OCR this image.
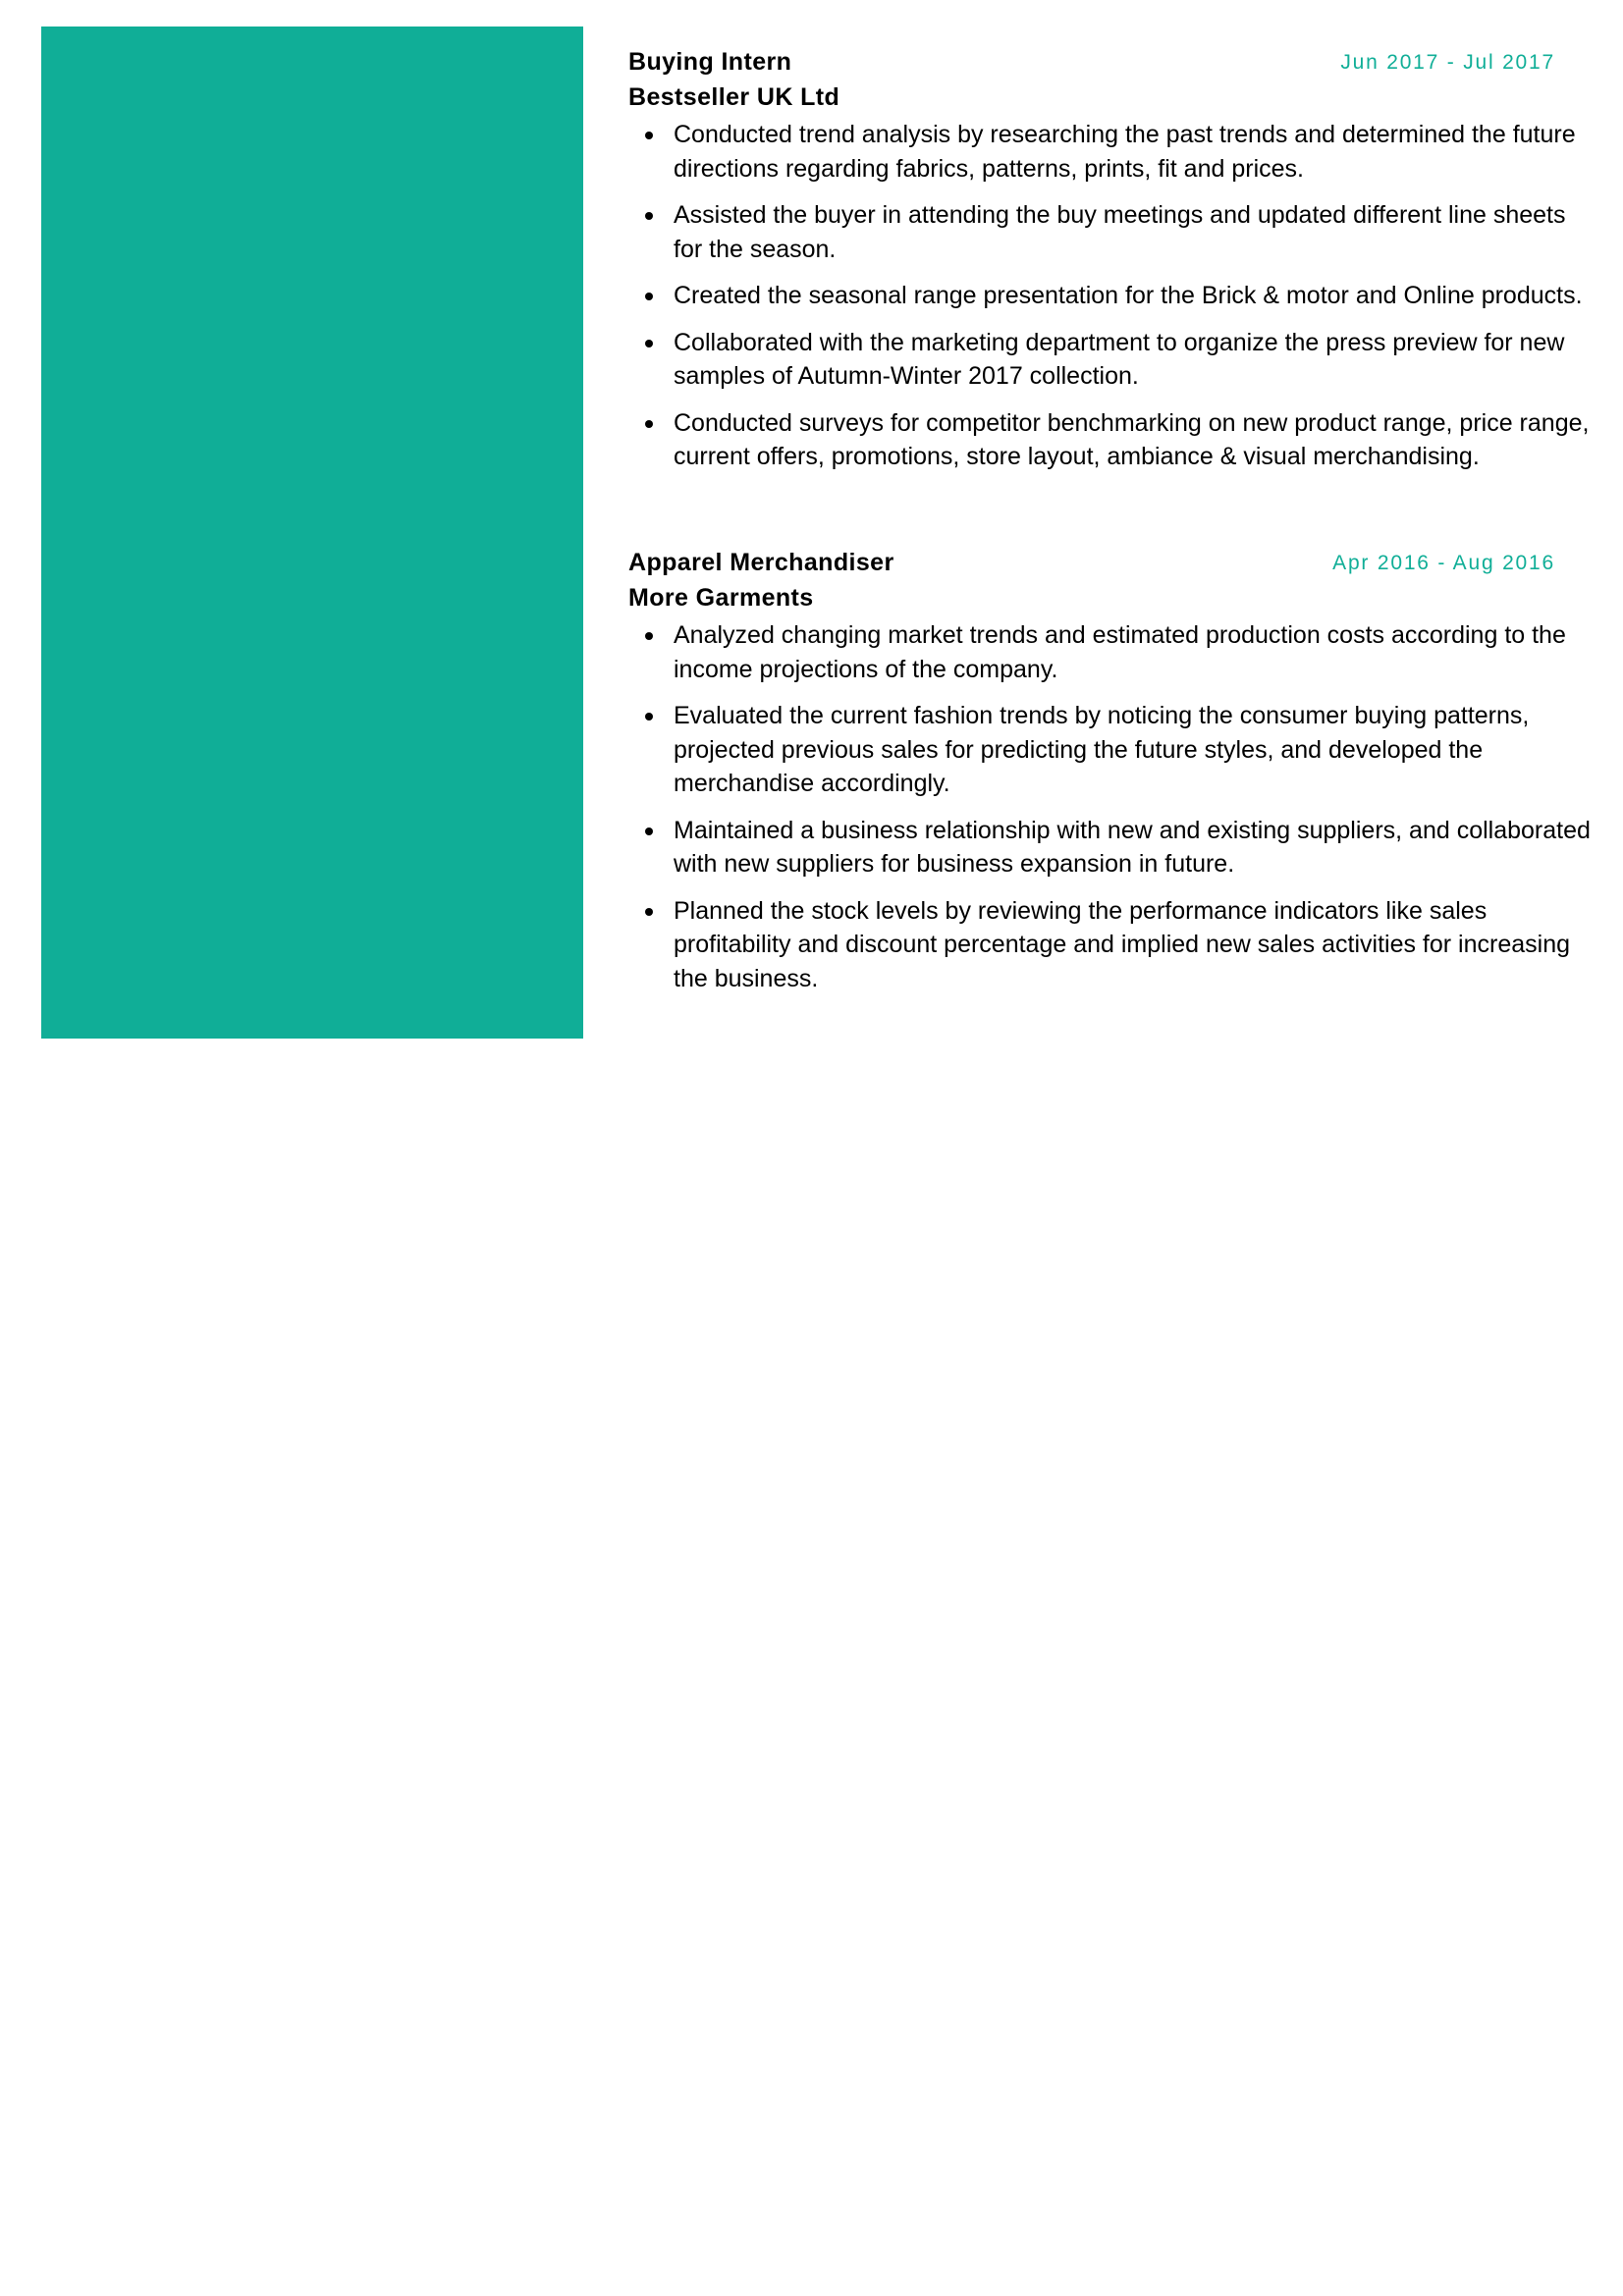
Buying Intern	Jun 2017 - Jul 2017
Bestseller UK Ltd
Conducted trend analysis by researching the past trends and determined the future directions regarding fabrics, patterns, prints, fit and prices.
Assisted the buyer in attending the buy meetings and updated different line sheets for the season.
Created the seasonal range presentation for the Brick & motor and Online products.
Collaborated with the marketing department to organize the press preview for new samples of Autumn-Winter 2017 collection.
Conducted surveys for competitor benchmarking on new product range, price range, current offers, promotions, store layout, ambiance & visual merchandising.
Apparel Merchandiser	Apr 2016 - Aug 2016
More Garments
Analyzed changing market trends and estimated production costs according to the income projections of the company.
Evaluated the current fashion trends by noticing the consumer buying patterns, projected previous sales for predicting the future styles, and developed the merchandise accordingly.
Maintained a business relationship with new and existing suppliers, and collaborated with new suppliers for business expansion in future.
Planned the stock levels by reviewing the performance indicators like sales profitability and discount percentage and implied new sales activities for increasing the business.
